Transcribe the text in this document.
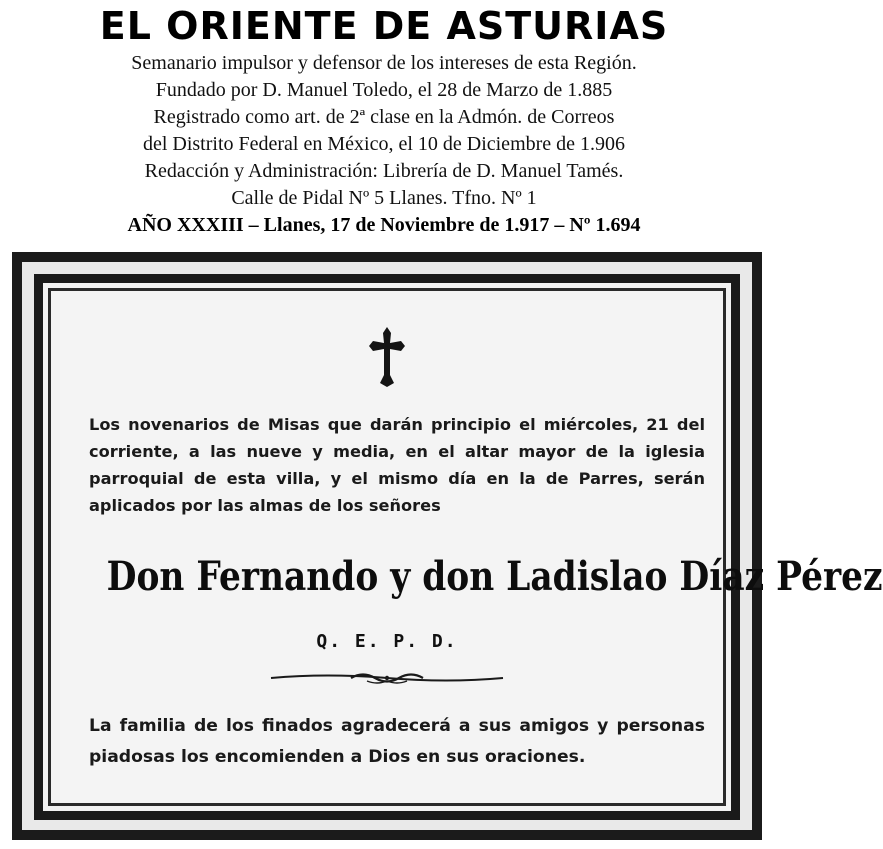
EL ORIENTE DE ASTURIAS
Semanario impulsor y defensor de los intereses de esta Región.
Fundado por D. Manuel Toledo, el 28 de Marzo de 1.885
Registrado como art. de 2ª clase en la Admón. de Correos
del Distrito Federal en México, el 10 de Diciembre de 1.906
Redacción y Administración: Librería de D. Manuel Tamés.
Calle de Pidal Nº 5 Llanes. Tfno. Nº 1
AÑO XXXIII – Llanes, 17 de Noviembre de 1.917 – Nº 1.694
Los novenarios de Misas que darán principio el miércoles, 21 del corriente, a las nueve y media, en el altar mayor de la iglesia parroquial de esta villa, y el mismo día en la de Parres, serán aplicados por las almas de los señores
Don Fernando y don Ladislao Díaz Pérez
Q. E. P. D.
La familia de los finados agradecerá a sus amigos y personas piadosas los encomienden a Dios en sus oraciones.
